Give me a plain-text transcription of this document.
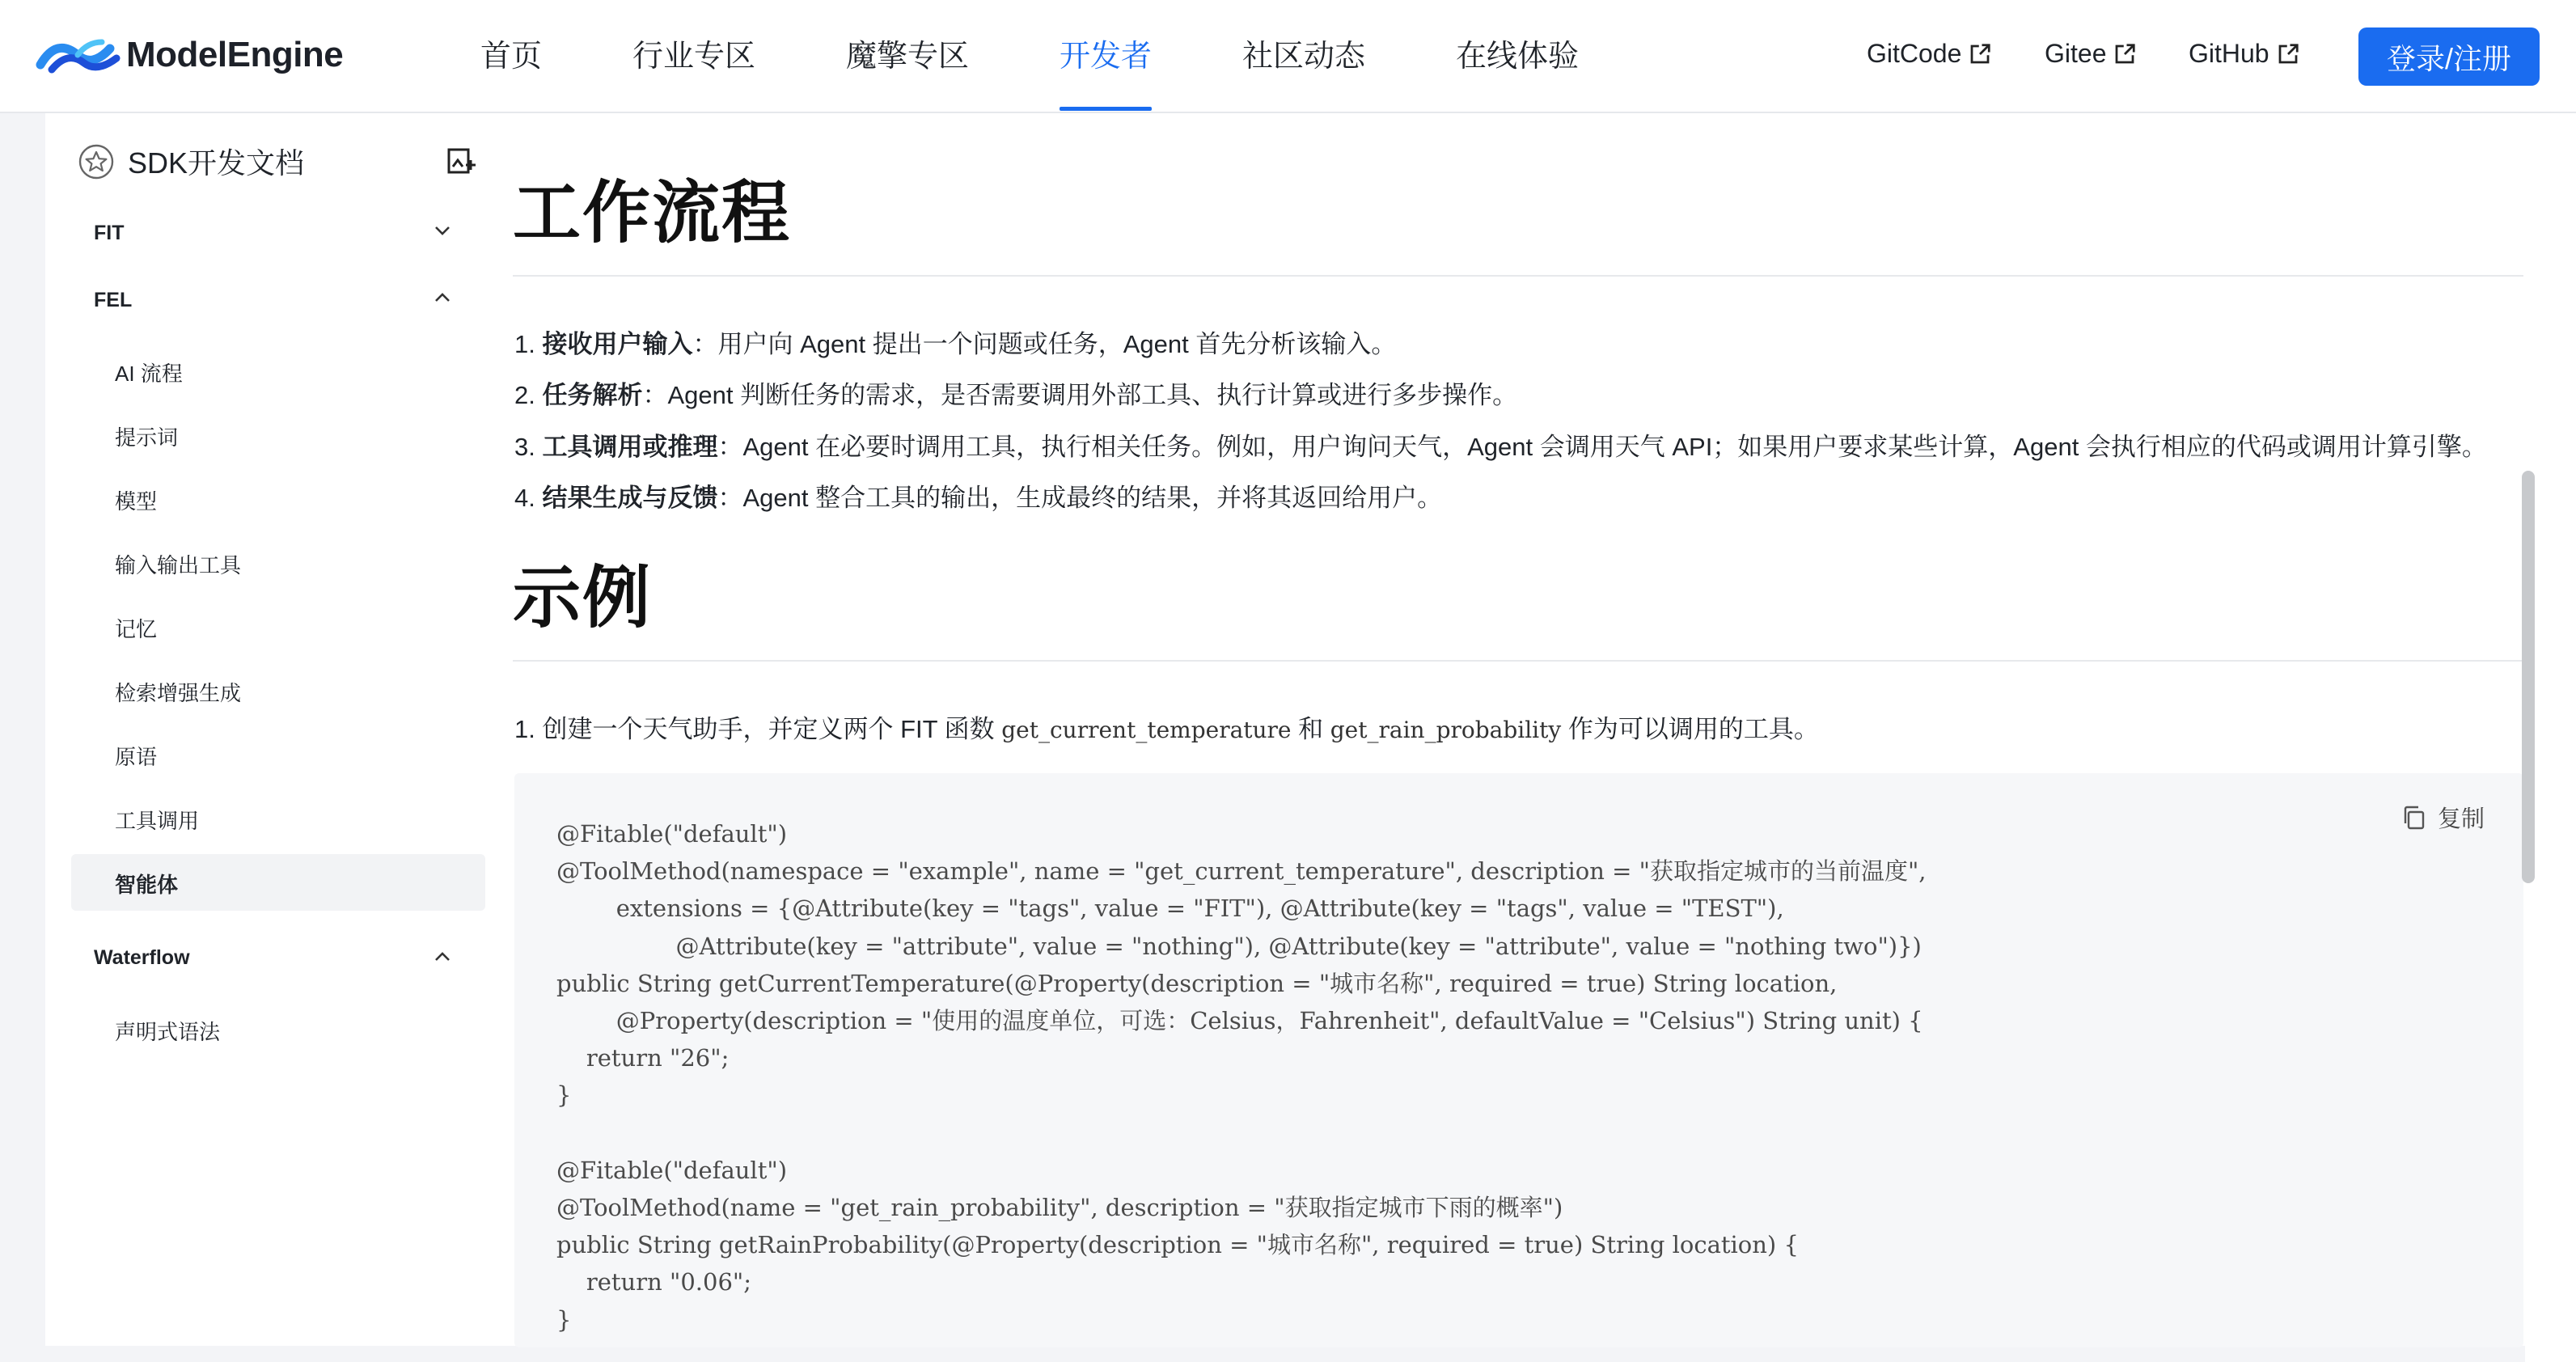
ModelEngine	首页	行业专区	魔擎专区	开发者	社区动态	在线体验	GitCode	Gitee	GitHub	登录/注册
SDK开发文档
FIT
FEL
AI 流程
提示词
模型
输入输出工具
记忆
检索增强生成
原语
工具调用
智能体
Waterflow
声明式语法
工作流程
1. 接收用户输入：用户向 Agent 提出一个问题或任务，Agent 首先分析该输入。
2. 任务解析：Agent 判断任务的需求，是否需要调用外部工具、执行计算或进行多步操作。
3. 工具调用或推理：Agent 在必要时调用工具，执行相关任务。例如，用户询问天气，Agent 会调用天气 API；如果用户要求某些计算，Agent 会执行相应的代码或调用计算引擎。
4. 结果生成与反馈：Agent 整合工具的输出，生成最终的结果，并将其返回给用户。
示例
1. 创建一个天气助手，并定义两个 FIT 函数 get_current_temperature 和 get_rain_probability 作为可以调用的工具。
复制
@Fitable("default")
@ToolMethod(namespace = "example", name = "get_current_temperature", description = "获取指定城市的当前温度",
extensions = {@Attribute(key = "tags", value = "FIT"), @Attribute(key = "tags", value = "TEST"),
@Attribute(key = "attribute", value = "nothing"), @Attribute(key = "attribute", value = "nothing two")})
public String getCurrentTemperature(@Property(description = "城市名称", required = true) String location,
@Property(description = "使用的温度单位，可选：Celsius，Fahrenheit", defaultValue = "Celsius") String unit) {
return "26";
}

@Fitable("default")
@ToolMethod(name = "get_rain_probability", description = "获取指定城市下雨的概率")
public String getRainProbability(@Property(description = "城市名称", required = true) String location) {
return "0.06";
}
